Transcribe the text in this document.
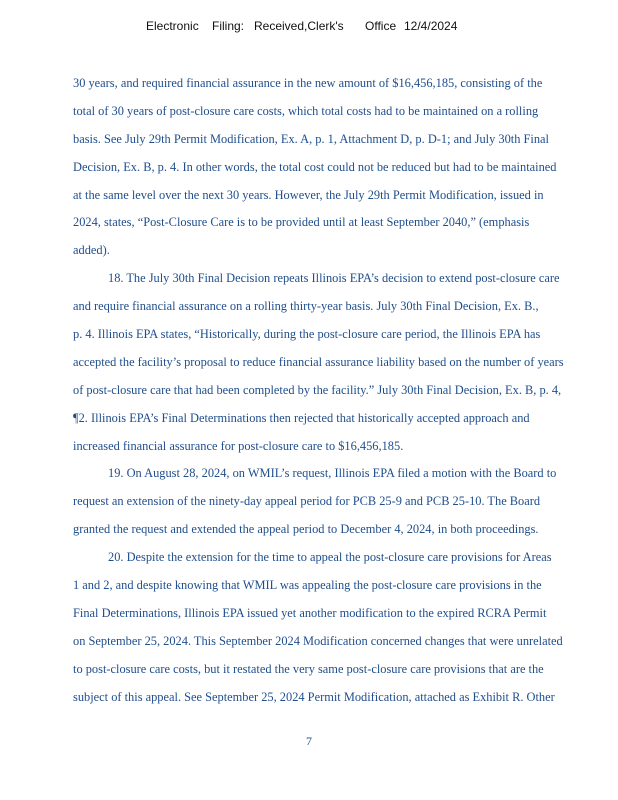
Electronic Filing: Received,Clerk's Office 12/4/2024
30 years, and required financial assurance in the new amount of $16,456,185, consisting of the
total of 30 years of post-closure care costs, which total costs had to be maintained on a rolling
basis. See July 29th Permit Modification, Ex. A, p. 1, Attachment D, p. D-1; and July 30th Final
Decision, Ex. B, p. 4. In other words, the total cost could not be reduced but had to be maintained
at the same level over the next 30 years. However, the July 29th Permit Modification, issued in
2024, states, “Post-Closure Care is to be provided until at least September 2040,” (emphasis
added).
18. The July 30th Final Decision repeats Illinois EPA’s decision to extend post-closure care
and require financial assurance on a rolling thirty-year basis. July 30th Final Decision, Ex. B.,
p. 4. Illinois EPA states, “Historically, during the post-closure care period, the Illinois EPA has
accepted the facility’s proposal to reduce financial assurance liability based on the number of years
of post-closure care that had been completed by the facility.” July 30th Final Decision, Ex. B, p. 4,
¶2. Illinois EPA’s Final Determinations then rejected that historically accepted approach and
increased financial assurance for post-closure care to $16,456,185.
19. On August 28, 2024, on WMIL’s request, Illinois EPA filed a motion with the Board to
request an extension of the ninety-day appeal period for PCB 25-9 and PCB 25-10. The Board
granted the request and extended the appeal period to December 4, 2024, in both proceedings.
20. Despite the extension for the time to appeal the post-closure care provisions for Areas
1 and 2, and despite knowing that WMIL was appealing the post-closure care provisions in the
Final Determinations, Illinois EPA issued yet another modification to the expired RCRA Permit
on September 25, 2024. This September 2024 Modification concerned changes that were unrelated
to post-closure care costs, but it restated the very same post-closure care provisions that are the
subject of this appeal. See September 25, 2024 Permit Modification, attached as Exhibit R. Other
7
